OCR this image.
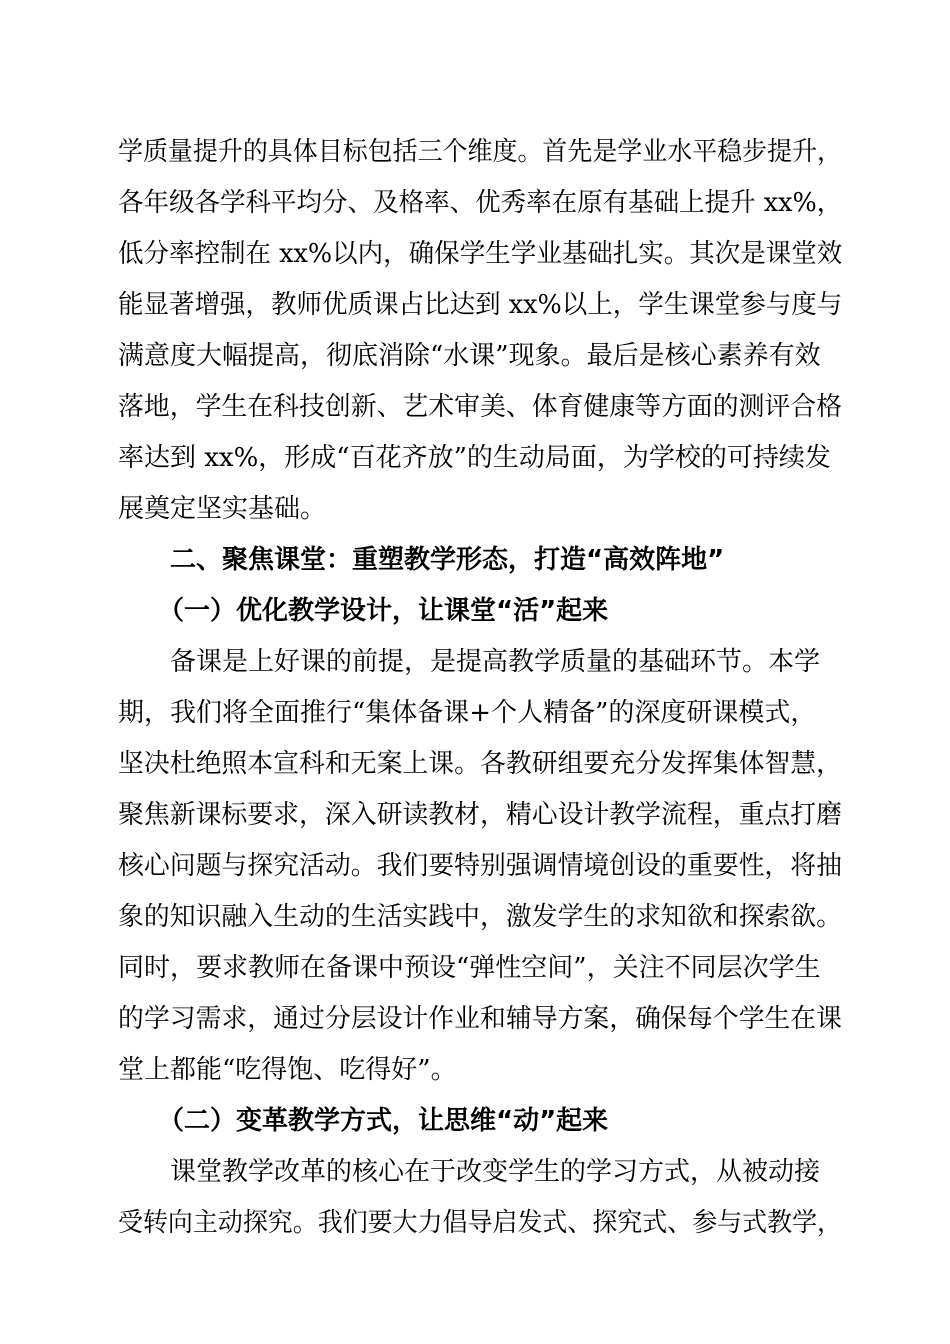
学质量提升的具体目标包括三个维度。首先是学业水平稳步提升，
各年级各学科平均分、及格率、优秀率在原有基础上提升 xx%，
低分率控制在 xx%以内，确保学生学业基础扎实。其次是课堂效
能显著增强，教师优质课占比达到 xx%以上，学生课堂参与度与
满意度大幅提高，彻底消除“水课”现象。最后是核心素养有效
落地，学生在科技创新、艺术审美、体育健康等方面的测评合格
率达到 xx%，形成“百花齐放”的生动局面，为学校的可持续发
展奠定坚实基础。
二、聚焦课堂：重塑教学形态，打造“高效阵地”
（一）优化教学设计，让课堂“活”起来
备课是上好课的前提，是提高教学质量的基础环节。本学
期，我们将全面推行“集体备课+个人精备”的深度研课模式，
坚决杜绝照本宣科和无案上课。各教研组要充分发挥集体智慧，
聚焦新课标要求，深入研读教材，精心设计教学流程，重点打磨
核心问题与探究活动。我们要特别强调情境创设的重要性，将抽
象的知识融入生动的生活实践中，激发学生的求知欲和探索欲。
同时，要求教师在备课中预设“弹性空间”，关注不同层次学生
的学习需求，通过分层设计作业和辅导方案，确保每个学生在课
堂上都能“吃得饱、吃得好”。
（二）变革教学方式，让思维“动”起来
课堂教学改革的核心在于改变学生的学习方式，从被动接
受转向主动探究。我们要大力倡导启发式、探究式、参与式教学，
